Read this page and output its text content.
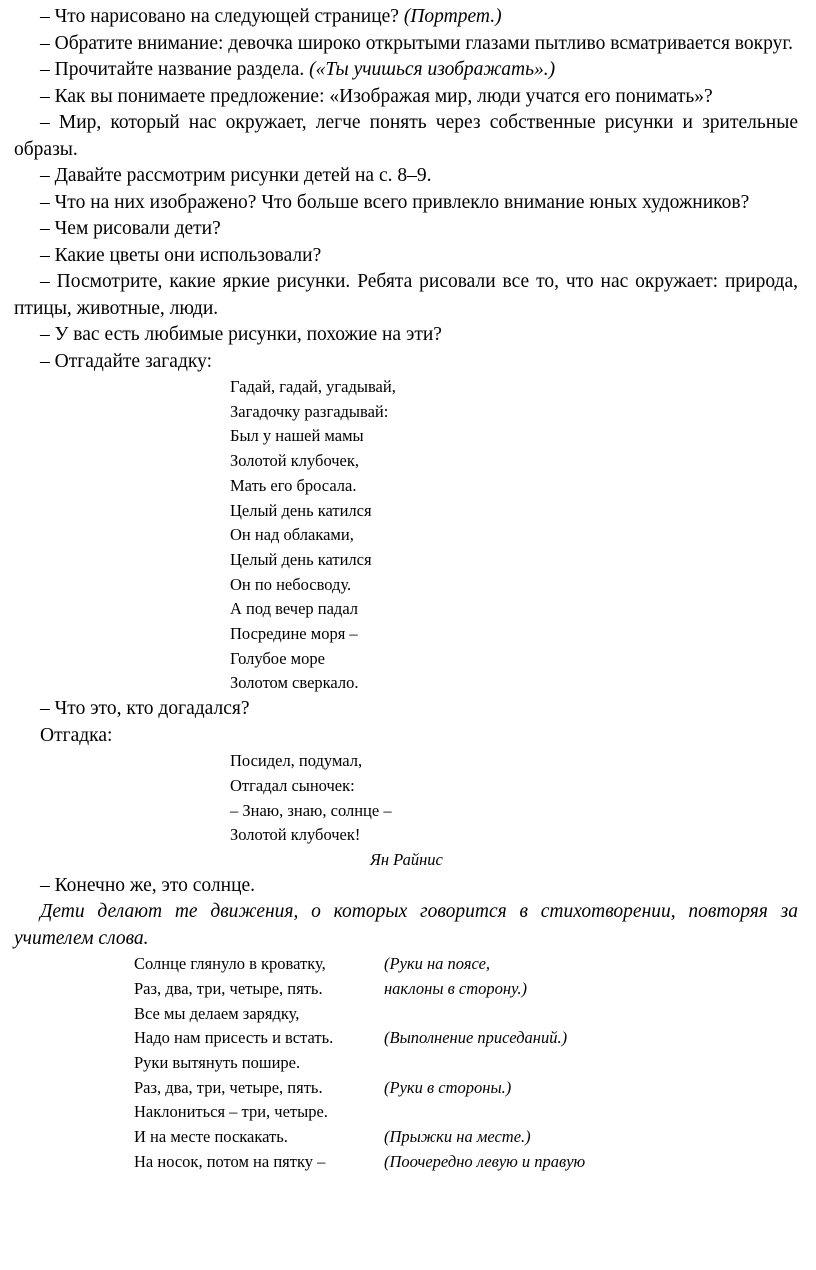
– Что нарисовано на следующей странице? (Портрет.)

– Обратите внимание: девочка широко открытыми глазами пытливо всматривается вокруг.

– Прочитайте название раздела. («Ты учишься изображать».)

– Как вы понимаете предложение: «Изображая мир, люди учатся его понимать»?

– Мир, который нас окружает, легче понять через собственные рисунки и зрительные образы.

– Давайте рассмотрим рисунки детей на с. 8–9.

– Что на них изображено? Что больше всего привлекло внимание юных художников?

– Чем рисовали дети?

– Какие цветы они использовали?

– Посмотрите, какие яркие рисунки. Ребята рисовали все то, что нас окружает: природа, птицы, животные, люди.

– У вас есть любимые рисунки, похожие на эти?

– Отгадайте загадку:

Гадай, гадай, угадывай,

Загадочку разгадывай:

Был у нашей мамы

Золотой клубочек,

Мать его бросала.

Целый день катился

Он над облаками,

Целый день катился

Он по небосводу.

А под вечер падал

Посредине моря –

Голубое море

Золотом сверкало.

– Что это, кто догадался?

Отгадка:

Посидел, подумал,

Отгадал сыночек:

– Знаю, знаю, солнце –

Золотой клубочек!

Ян Райнис

– Конечно же, это солнце.

Дети делают те движения, о которых говорится в стихотворении, повторяя за учителем слова.

Солнце глянуло в кроватку,	(Руки на поясе,
Раз, два, три, четыре, пять.	наклоны в сторону.)
Все мы делаем зарядку,
Надо нам присесть и встать.	(Выполнение приседаний.)
Руки вытянуть пошире.
Раз, два, три, четыре, пять.	(Руки в стороны.)
Наклониться – три, четыре.
И на месте поскакать.	(Прыжки на месте.)
На носок, потом на пятку –	(Поочередно левую и правую
